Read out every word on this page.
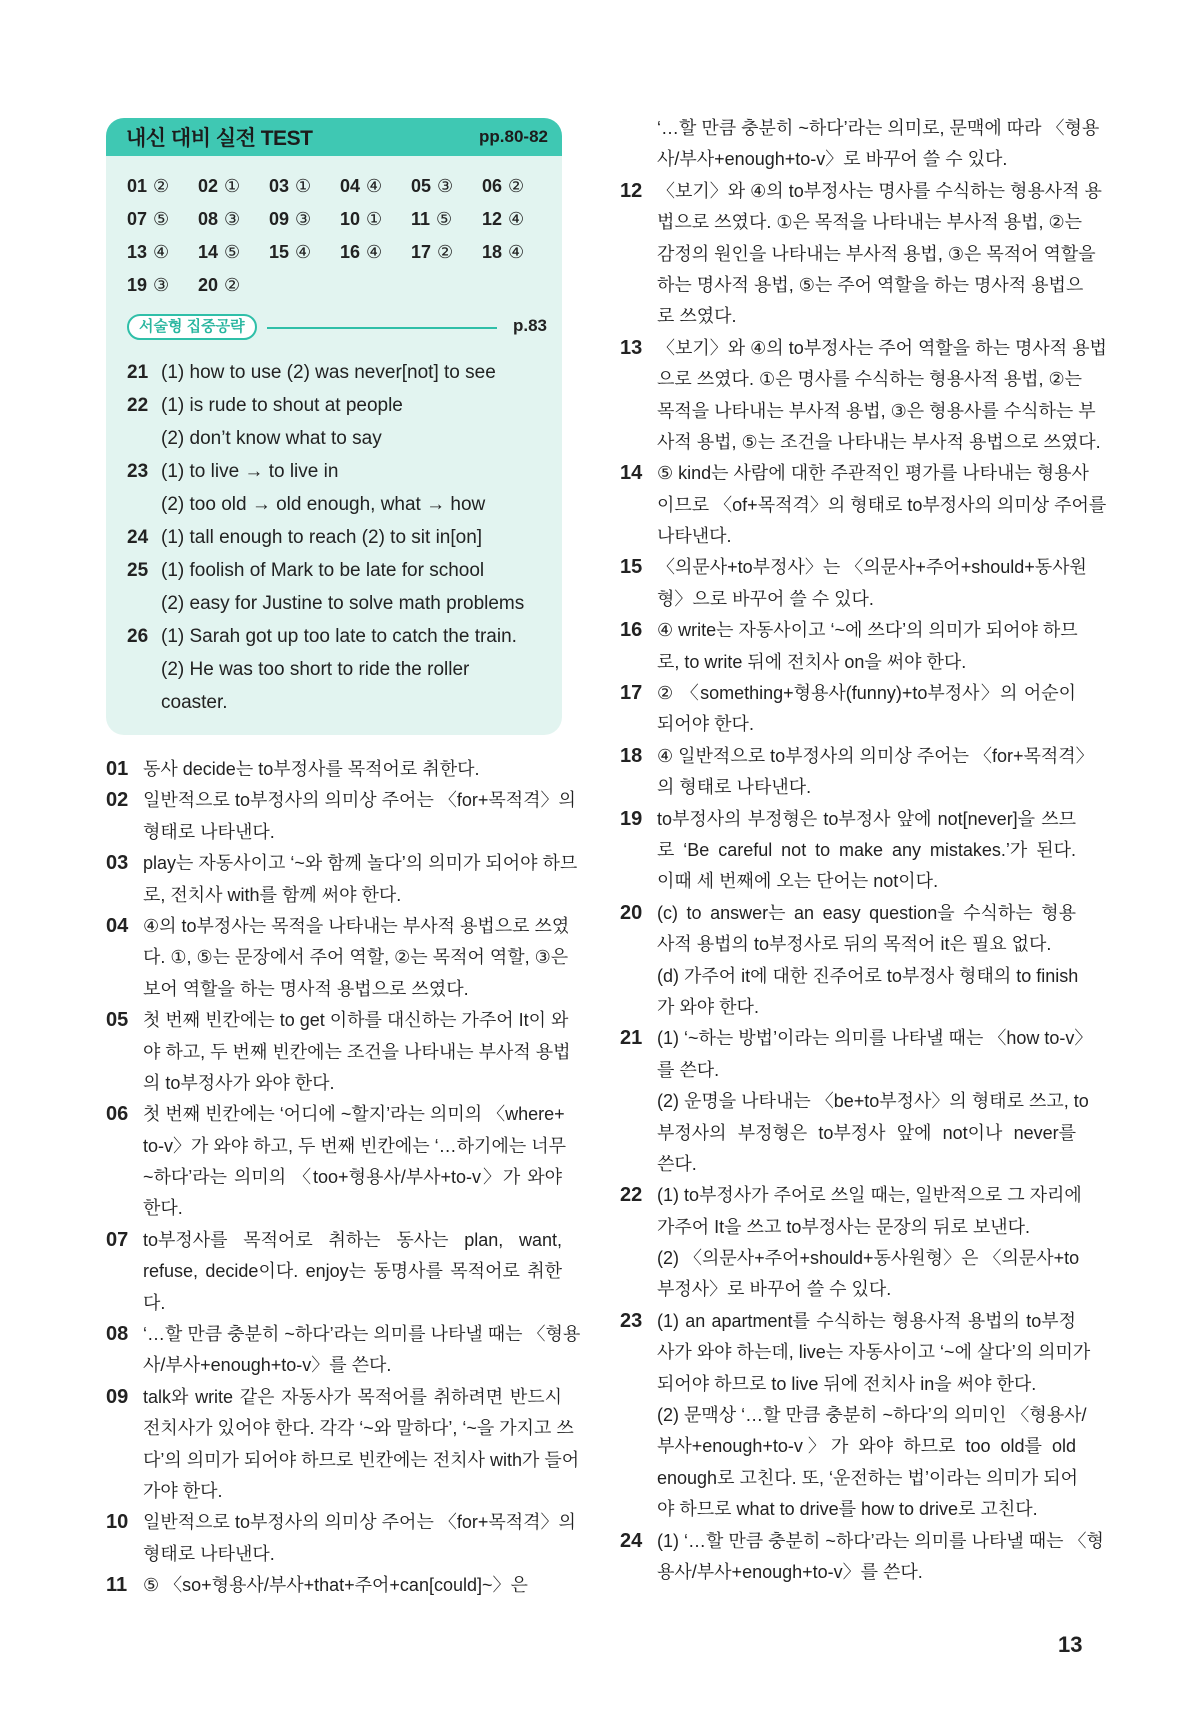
내신 대비 실전 TEST	pp.80-82
01 ②	02 ①	03 ①	04 ④	05 ③	06 ②
07 ⑤	08 ③	09 ③	10 ①	11 ⑤	12 ④
13 ④	14 ⑤	15 ④	16 ④	17 ②	18 ④
19 ③	20 ②
서술형 집중공략	p.83
21 (1) how to use (2) was never[not] to see
22 (1) is rude to shout at people
(2) don’t know what to say
23 (1) to live → to live in
(2) too old → old enough, what → how
24 (1) tall enough to reach (2) to sit in[on]
25 (1) foolish of Mark to be late for school
(2) easy for Justine to solve math problems
26 (1) Sarah got up too late to catch the train.
(2) He was too short to ride the roller
coaster.
01 동사 decide는 to부정사를 목적어로 취한다.
02 일반적으로 to부정사의 의미상 주어는 〈for+목적격〉의
형태로 나타낸다.
03 play는 자동사이고 ‘~와 함께 놀다’의 의미가 되어야 하므
로, 전치사 with를 함께 써야 한다.
04 ④의 to부정사는 목적을 나타내는 부사적 용법으로 쓰였
다. ①, ⑤는 문장에서 주어 역할, ②는 목적어 역할, ③은
보어 역할을 하는 명사적 용법으로 쓰였다.
05 첫 번째 빈칸에는 to get 이하를 대신하는 가주어 It이 와
야 하고, 두 번째 빈칸에는 조건을 나타내는 부사적 용법
의 to부정사가 와야 한다.
06 첫 번째 빈칸에는 ‘어디에 ~할지’라는 의미의 〈where+
to-v〉가 와야 하고, 두 번째 빈칸에는 ‘…하기에는 너무
~하다’라는 의미의 〈too+형용사/부사+to-v〉가 와야
한다.
07 to부정사를 목적어로 취하는 동사는 plan, want,
refuse, decide이다. enjoy는 동명사를 목적어로 취한
다.
08 ‘…할 만큼 충분히 ~하다’라는 의미를 나타낼 때는 〈형용
사/부사+enough+to-v〉를 쓴다.
09 talk와 write 같은 자동사가 목적어를 취하려면 반드시
전치사가 있어야 한다. 각각 ‘~와 말하다’, ‘~을 가지고 쓰
다’의 의미가 되어야 하므로 빈칸에는 전치사 with가 들어
가야 한다.
10 일반적으로 to부정사의 의미상 주어는 〈for+목적격〉의
형태로 나타낸다.
11 ⑤ 〈so+형용사/부사+that+주어+can[could]~〉은
‘…할 만큼 충분히 ~하다’라는 의미로, 문맥에 따라 〈형용
사/부사+enough+to-v〉로 바꾸어 쓸 수 있다.
12 〈보기〉와 ④의 to부정사는 명사를 수식하는 형용사적 용
법으로 쓰였다. ①은 목적을 나타내는 부사적 용법, ②는
감정의 원인을 나타내는 부사적 용법, ③은 목적어 역할을
하는 명사적 용법, ⑤는 주어 역할을 하는 명사적 용법으
로 쓰였다.
13 〈보기〉와 ④의 to부정사는 주어 역할을 하는 명사적 용법
으로 쓰였다. ①은 명사를 수식하는 형용사적 용법, ②는
목적을 나타내는 부사적 용법, ③은 형용사를 수식하는 부
사적 용법, ⑤는 조건을 나타내는 부사적 용법으로 쓰였다.
14 ⑤ kind는 사람에 대한 주관적인 평가를 나타내는 형용사
이므로 〈of+목적격〉의 형태로 to부정사의 의미상 주어를
나타낸다.
15 〈의문사+to부정사〉는 〈의문사+주어+should+동사원
형〉으로 바꾸어 쓸 수 있다.
16 ④ write는 자동사이고 ‘~에 쓰다’의 의미가 되어야 하므
로, to write 뒤에 전치사 on을 써야 한다.
17 ② 〈something+형용사(funny)+to부정사〉의 어순이
되어야 한다.
18 ④ 일반적으로 to부정사의 의미상 주어는 〈for+목적격〉
의 형태로 나타낸다.
19 to부정사의 부정형은 to부정사 앞에 not[never]을 쓰므
로 ‘Be careful not to make any mistakes.’가 된다.
이때 세 번째에 오는 단어는 not이다.
20 (c) to answer는 an easy question을 수식하는 형용
사적 용법의 to부정사로 뒤의 목적어 it은 필요 없다.
(d) 가주어 it에 대한 진주어로 to부정사 형태의 to finish
가 와야 한다.
21 (1) ‘~하는 방법’이라는 의미를 나타낼 때는 〈how to-v〉
를 쓴다.
(2) 운명을 나타내는 〈be+to부정사〉의 형태로 쓰고, to
부정사의 부정형은 to부정사 앞에 not이나 never를
쓴다.
22 (1) to부정사가 주어로 쓰일 때는, 일반적으로 그 자리에
가주어 It을 쓰고 to부정사는 문장의 뒤로 보낸다.
(2) 〈의문사+주어+should+동사원형〉은 〈의문사+to
부정사〉로 바꾸어 쓸 수 있다.
23 (1) an apartment를 수식하는 형용사적 용법의 to부정
사가 와야 하는데, live는 자동사이고 ‘~에 살다’의 의미가
되어야 하므로 to live 뒤에 전치사 in을 써야 한다.
(2) 문맥상 ‘…할 만큼 충분히 ~하다’의 의미인 〈형용사/
부사+enough+to-v〉가 와야 하므로 too old를 old
enough로 고친다. 또, ‘운전하는 법’이라는 의미가 되어
야 하므로 what to drive를 how to drive로 고친다.
24 (1) ‘…할 만큼 충분히 ~하다’라는 의미를 나타낼 때는 〈형
용사/부사+enough+to-v〉를 쓴다.
13
